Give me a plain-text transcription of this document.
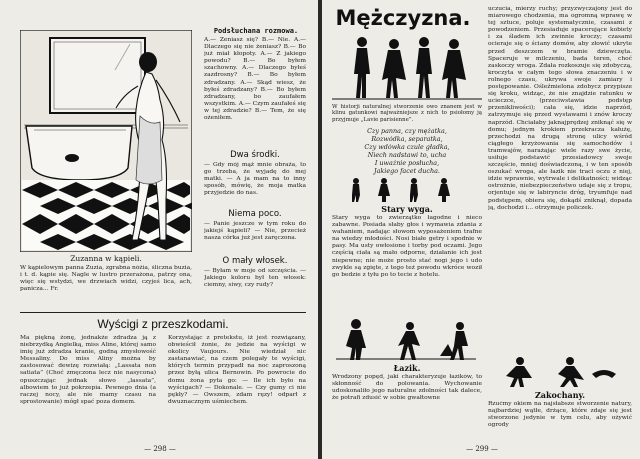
Zuzanna w kąpieli.
W kąpielowym panna Zuzia, zgrabna nóżia, śliczna buzia, i t. d. kąpie się. Nagle w lustro przerażona, patrzy ona, więc się wstydzi, we drzwiach widzi, czyjeś lica, ach, panicza... Fr.
Podsłuchana rozmowa.
A.— Żeniasz się? B.— Nie. A.— Dlaczego się nie żeniasz? B.— Bo już miał kłopoty. A.— Z jakiego powodu? B.— Bo byłem szachowny. A.— Dlaczego byłeś zazdrosny? B.— Bo byłem zdradzany. A.— Skąd wiesz, że byłeś zdradzany? B.— Bo byłem zdradzany, bo zaufałem wszystkim. A.— Czym zaufałeś się w tej zdradzie? B.— Tem, że się ożeniłem.
Dwa środki.
— Gdy mój mąż mnie obraża, to go trzeba, że wyjadę do mej matki. — A ja mam na to inny sposób, mówię, że moja matka przyjedzie do nas.
Niema poco.
— Panie jeszcze w tym roku do jakiejś kąpieli? — Nie, przecież nasza córka już jest zaręczona.
O mały włosek.
— Byłam w moje od szczęścia. — Jakiego koloru był ten włosek: ciemny, siwy, czy rudy?
Wyścigi z przeszkodami.
Ma piękną żonę, jednakże zdradza ją z niebrzydką Angielką, miss Aline, której samo imię już zdradza kranie, godną zmysłowość Messaliny. Do miss Aliny można by zastosować dewizę rozwiałą: „Lassata non satiata” (Choć zmęczona lecz nie nasycona) opuszczając jednak słowo „lassata”, albowiem to już pokrzepia. Pewnego dnia (a raczej nocy, ale nie mamy czasu na sprostowanie) mógł spać poza domem.
Korzystając z pretekstu, iż jest rozwiązany, obwieścił żonie, że jedzie na wyścigi w okolicy Vaujours. Nie wiedział nic zastanawiać, na czem polegały te wyścigi, których termin przypadł na noc zaproszoną przez byłą ulica Bernowin. Po powrocie do domu żona pyta go: — Ile ich było na wyścigach? — Dokonale. — Czy gumy ci nie pękły? — Owszem, zdam ręzy! odparł z dwuznacznym uśmiechem.
— 298 —
Mężczyzna.
W historji naturalnej stworzenie owo znanem jest w klinu gatunkowi najważniejsze z nich to psiołomy ją przyjmuje „Lavie parisienne”.
Czy panna, czy mężatka,
Rozwódka, separatka,
Czy wdówka czule gładka,
Niech nadstawi to, ucha
I uważnie posłucha,
Jakiego facet ducha.
Stary wyga.
Stary wyga to zwierzątko łagodne i nieco zabawne. Posiada słaby głos i wymawia zdania z wahaniem, nadając słowom wyposażeniem trafne na wiedzy młodości. Nosi białe getry i spodnie w pasy. Ma usty owłosione i torby pod oczami. Jego częścią ciała są mało odporne, działanie ich jest niepewne; nie może prosto stać nogi jego i udo zwykle są zgięte, z tego też powodu wkróce woził go bedzie z tyłu po to tecie z hotelu.
Łazik.
Wrodzony popęd, jaki charakteryzuje łazików, to skłonność do polowania. Wychowanie udoskonaliło jego naturalne zdolności tak dalece, że potrafi zdusić w sobie gwałtowne
uczucia, mierzy ruchy; przyzwyczajony jest do miarowego chodzenia, ma ogromną wprawę w tej sztuce, poluje systematycznie, czasami z powodzeniem. Przesiaduje spacerujące kobiety i za śladem ich zwinnie kroczy; czasami ocieraje się o ściany domów, aby złowić ukryte przed deszczem w bramie dziewczęta. Spaceruje w milczeniu, bada teren, choć zaskoczy wroga. Zdała rozkoszuje się zdobyczą, kroczyta w całym tego słowa znaczeniu i w rolnego czasu, ukrywa swoje zamiary i postępowanie. Ośleźmielona zdobycz przypisze się kroku, widząc, że nie znajdzie ratunku w ucieczce, (przeciwstawia podstęp przenikliwości); cała się, idzie naprzód, zatrzymuje się przed wystawami i znów kroczy naprzód. Chciałaby jaknajprędzej zniknąć się w domu; jednym krokiem przekracza kałużę, przechodzi na drugą stronę ulicy wśród ciągłego krzyżowania się samochodów i tramwajów, narażając wiele razy swe życie, usiłuje podstawić przesiadowcy swoje szczęście, mniej doświadczoną, i w ten sposób oszukać wroga, ale łazik nie traci oczu z niej, idzie wprawnie, wytrwale i delikatności; widząc ostrożnie, niebezpieczeństwo udaje się z tropu, orjentuje się w labiryncie dróg, tryumfuje nad podstępem, obiera się, dokądś zniknął, dopada ją, dochodzi i... otrzymuje policzek.
Zakochany.
Rzućmy okiem na najsłabsze stworzenie natury, najbardziej wątłe, drżące, które zdaje się jest stworzone jedynie w tym celu, aby ożywić ogrody
— 299 —
